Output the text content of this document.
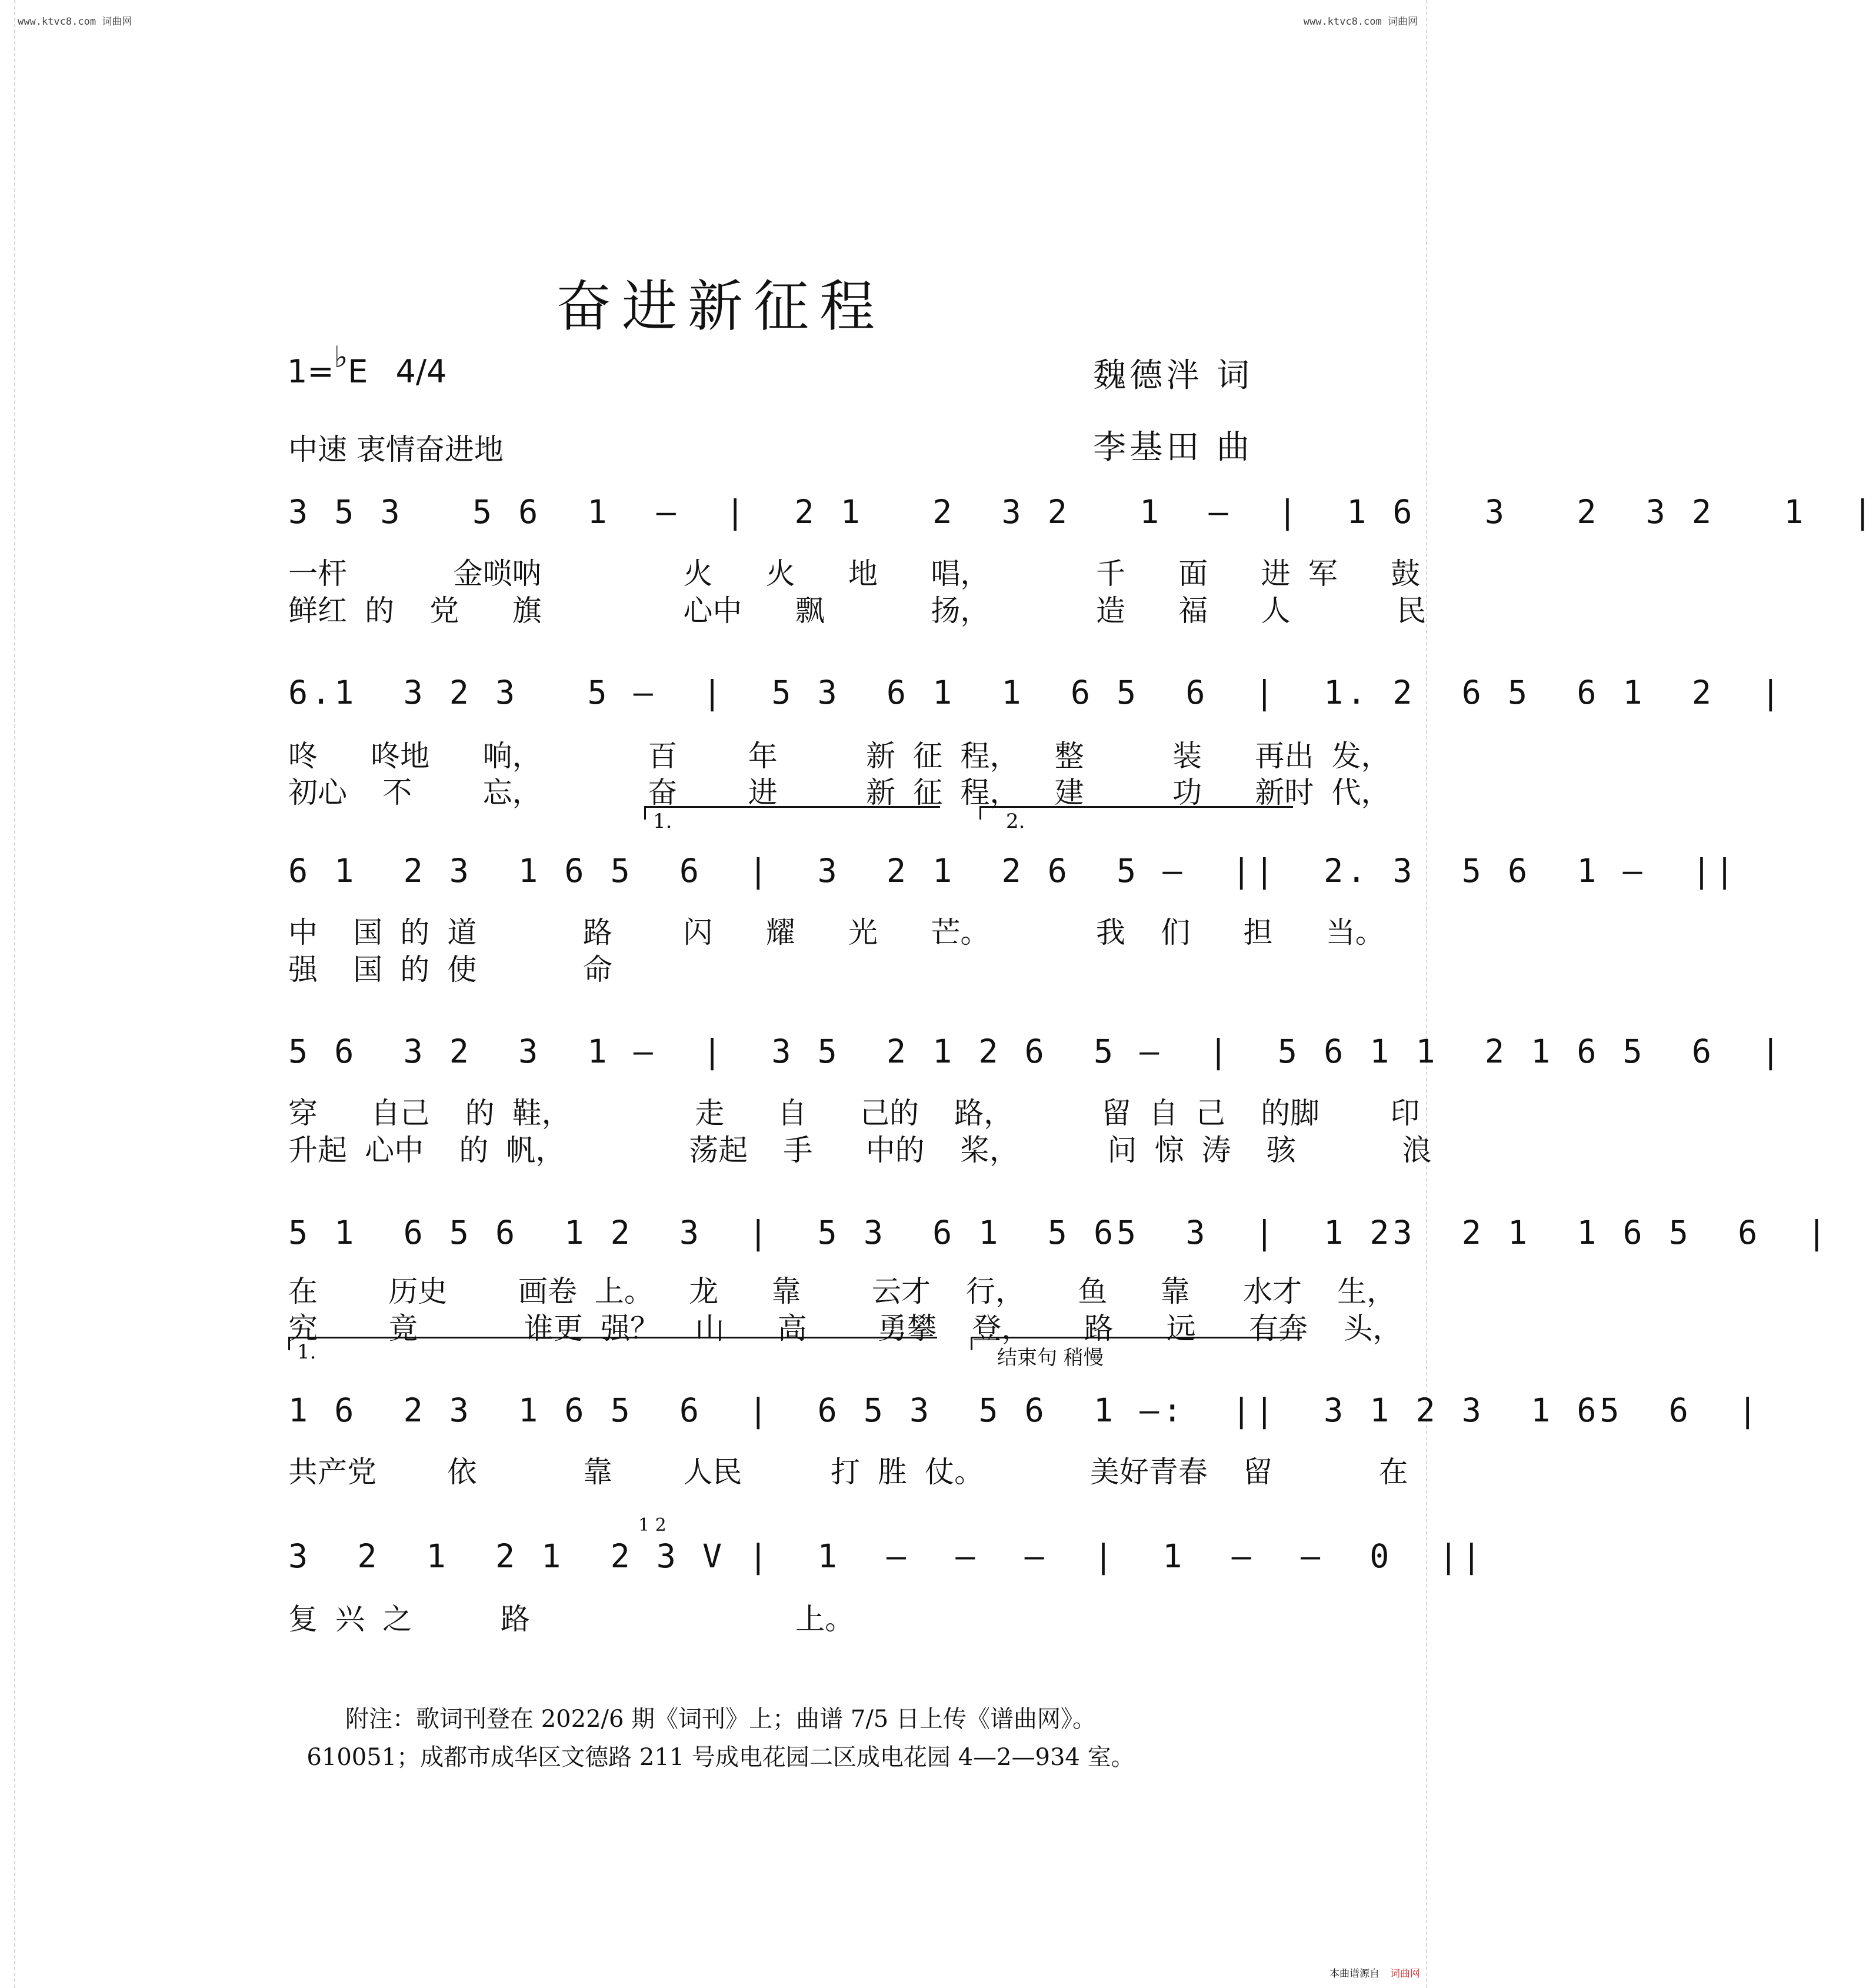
www.ktvc8.com 词曲网	www.ktvc8.com 词曲网
本曲谱源自 词曲网
奋进新征程
1=♭E 4/4
中速 衷情奋进地
魏德泮 词
李基田 曲
3 5 3   5 6  1  —  |  2 1   2  3 2   1  —  |  1 6   3   2  3 2   1  |
一杆      金唢呐        火   火   地   唱，      千   面   进 军   鼓
鲜红 的  党   旗        心中   飘      扬，      造   福   人      民
6.1  3 2 3   5 —  |  5 3  6 1  1  6 5  6  |  1. 2  6 5  6 1  2  |
咚   咚地   响，      百    年     新 征 程，  整     装   再出 发，
初心  不    忘，      奋    进     新 征 程，  建     功   新时 代，
1.	2.
6 1  2 3  1 6 5  6  |  3  2 1  2 6  5 —  ||  2. 3  5 6  1 —  ||
中  国 的 道      路    闪   耀   光   芒。      我  们   担   当。
强  国 的 使      命
5 6  3 2  3  1 —  |  3 5  2 1 2 6  5 —  |  5 6 1 1  2 1 6 5  6  |
穿   自己  的 鞋，       走   自   己的  路，     留 自 己  的脚    印
升起 心中  的 帆，       荡起  手   中的  桨，     问 惊 涛  骇      浪
5 1  6 5 6  1 2  3  |  5 3  6 1  5 65  3  |  1 23  2 1  1 6 5  6  |
在    历史    画卷 上。  龙   靠    云才  行，   鱼   靠   水才  生，
究    竟      谁更 强？  山   高    勇攀  登，   路   远   有奔  头，
1.	结束句 稍慢
1 6  2 3  1 6 5  6  |  6 5 3  5 6  1 —:  ||  3 1 2 3  1 65  6  |
共产党    依      靠    人民     打 胜 仗。      美好青春  留      在
1 2
3  2  1  2 1  2 3 V |  1  —  —  —  |  1  —  —  0  ||
复 兴 之     路               上。
附注：歌词刊登在 2022/6 期《词刊》上；曲谱 7/5 日上传《谱曲网》。
610051；成都市成华区文德路 211 号成电花园二区成电花园 4—2—934 室。
